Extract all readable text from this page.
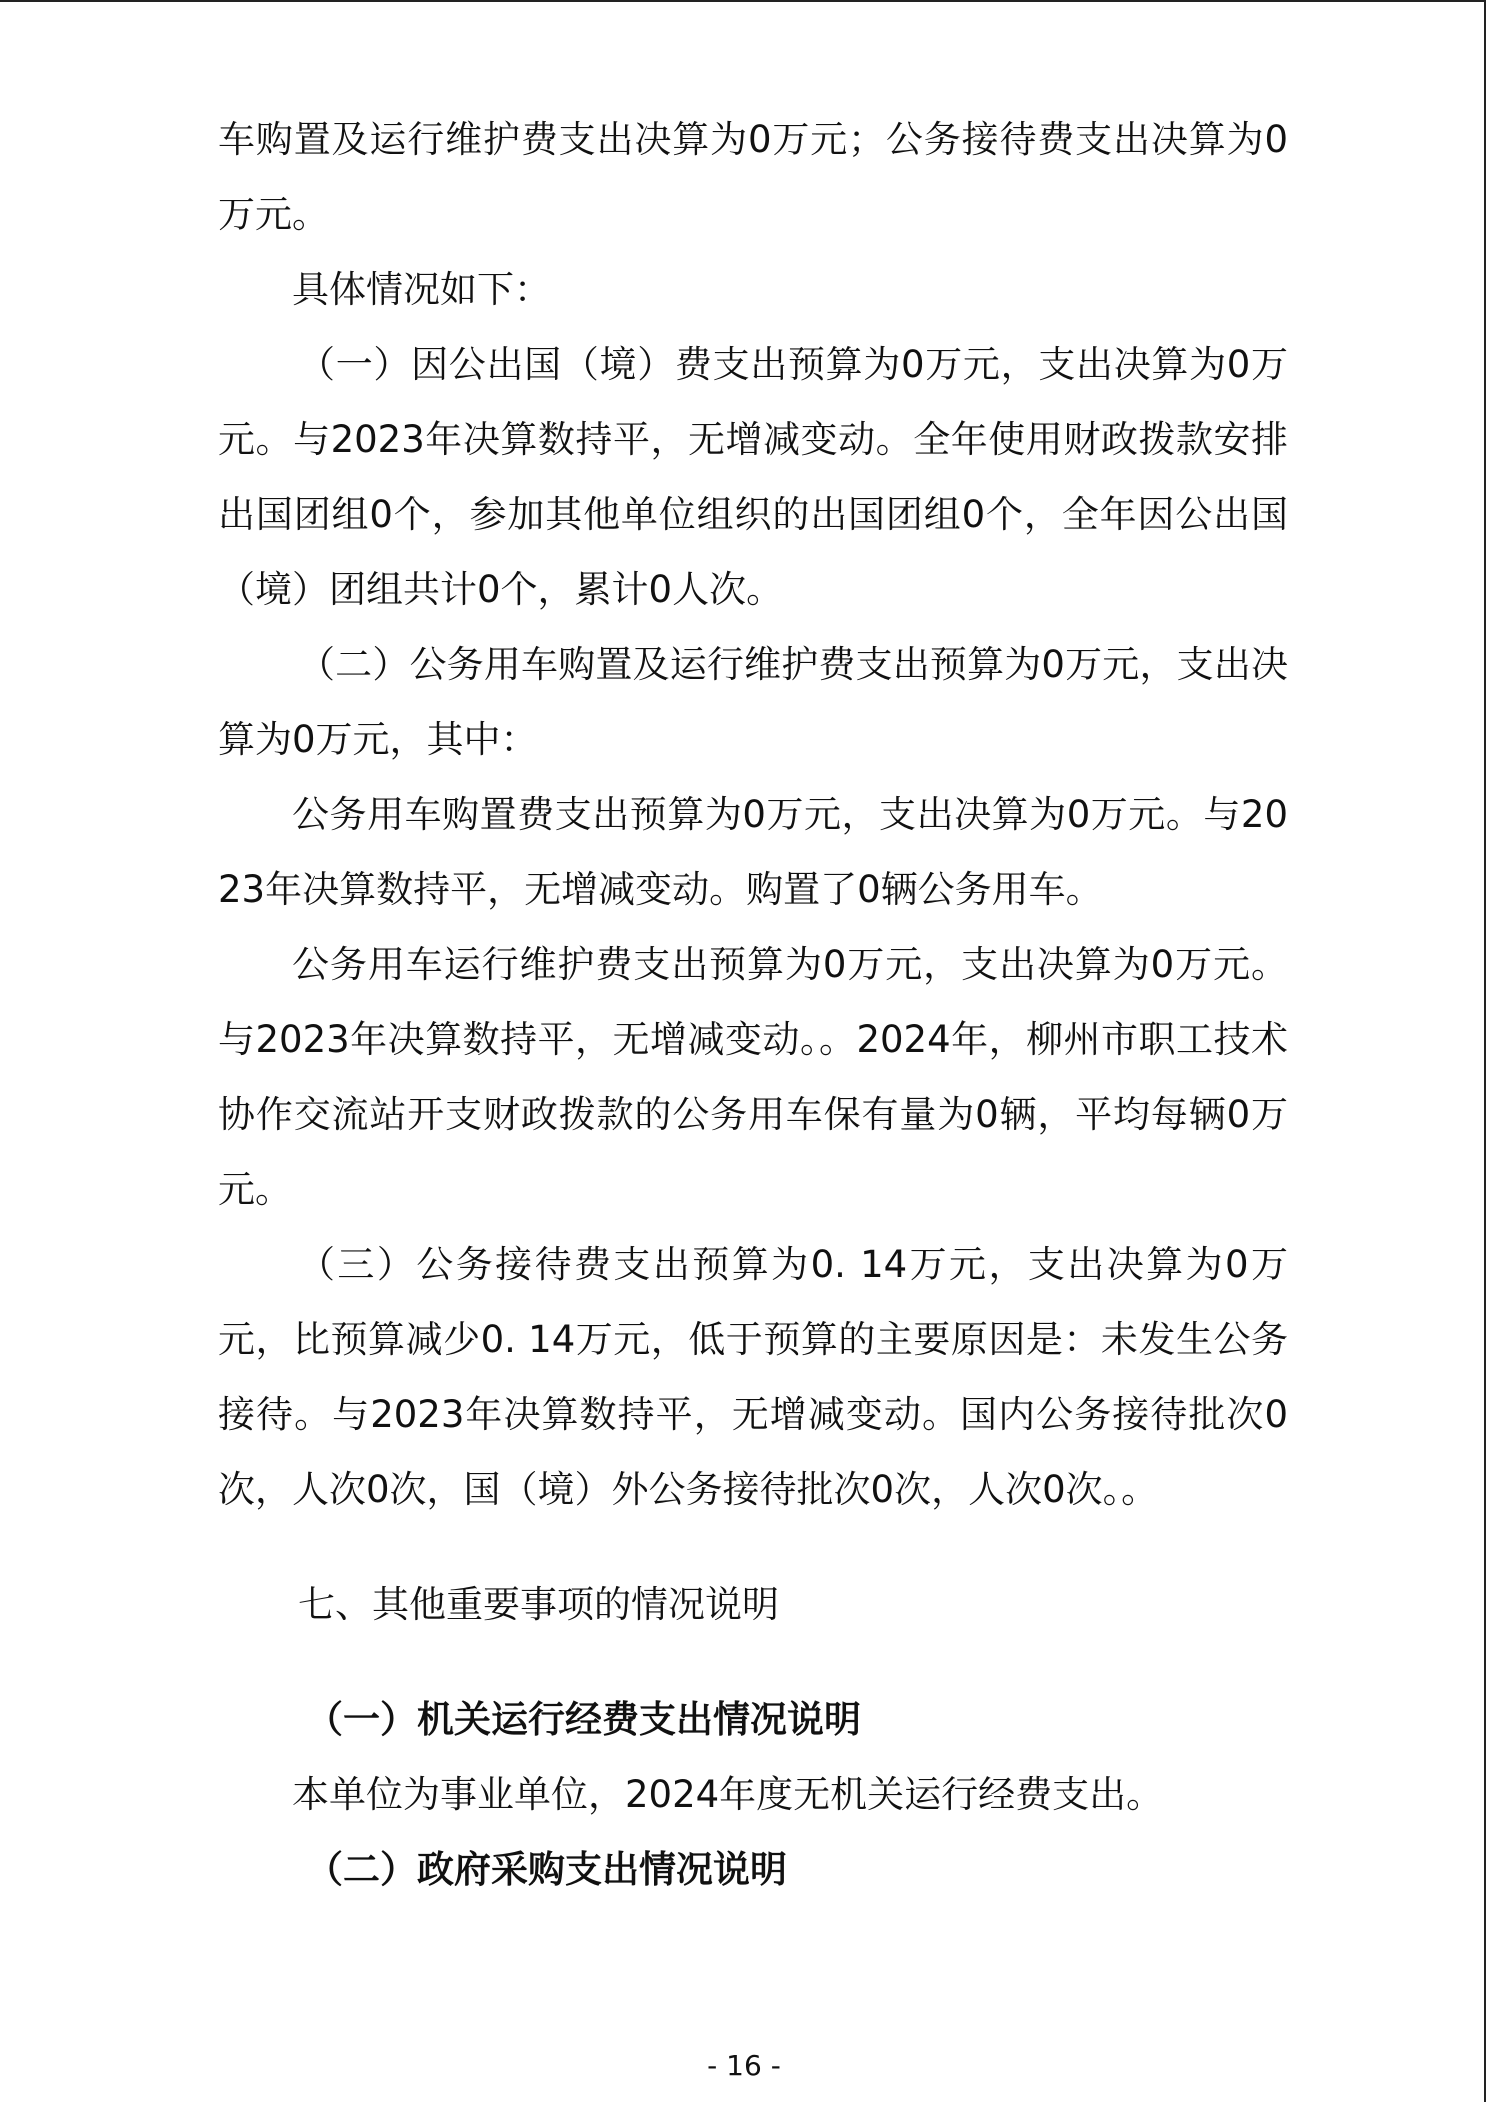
车购置及运行维护费支出决算为0万元；公务接待费支出决算为0万元。

具体情况如下：

（一）因公出国（境）费支出预算为0万元，支出决算为0万元。与2023年决算数持平，无增减变动。全年使用财政拨款安排出国团组0个，参加其他单位组织的出国团组0个，全年因公出国（境）团组共计0个，累计0人次。

（二）公务用车购置及运行维护费支出预算为0万元，支出决算为0万元，其中：

公务用车购置费支出预算为0万元，支出决算为0万元。与2023年决算数持平，无增减变动。购置了0辆公务用车。

公务用车运行维护费支出预算为0万元，支出决算为0万元。与2023年决算数持平，无增减变动。。2024年，柳州市职工技术协作交流站开支财政拨款的公务用车保有量为0辆，平均每辆0万元。

（三）公务接待费支出预算为0. 14万元，支出决算为0万元，比预算减少0. 14万元，低于预算的主要原因是：未发生公务接待。与2023年决算数持平，无增减变动。国内公务接待批次0次，人次0次，国（境）外公务接待批次0次，人次0次。。

七、其他重要事项的情况说明

（一）机关运行经费支出情况说明

本单位为事业单位，2024年度无机关运行经费支出。

（二）政府采购支出情况说明

- 16 -
